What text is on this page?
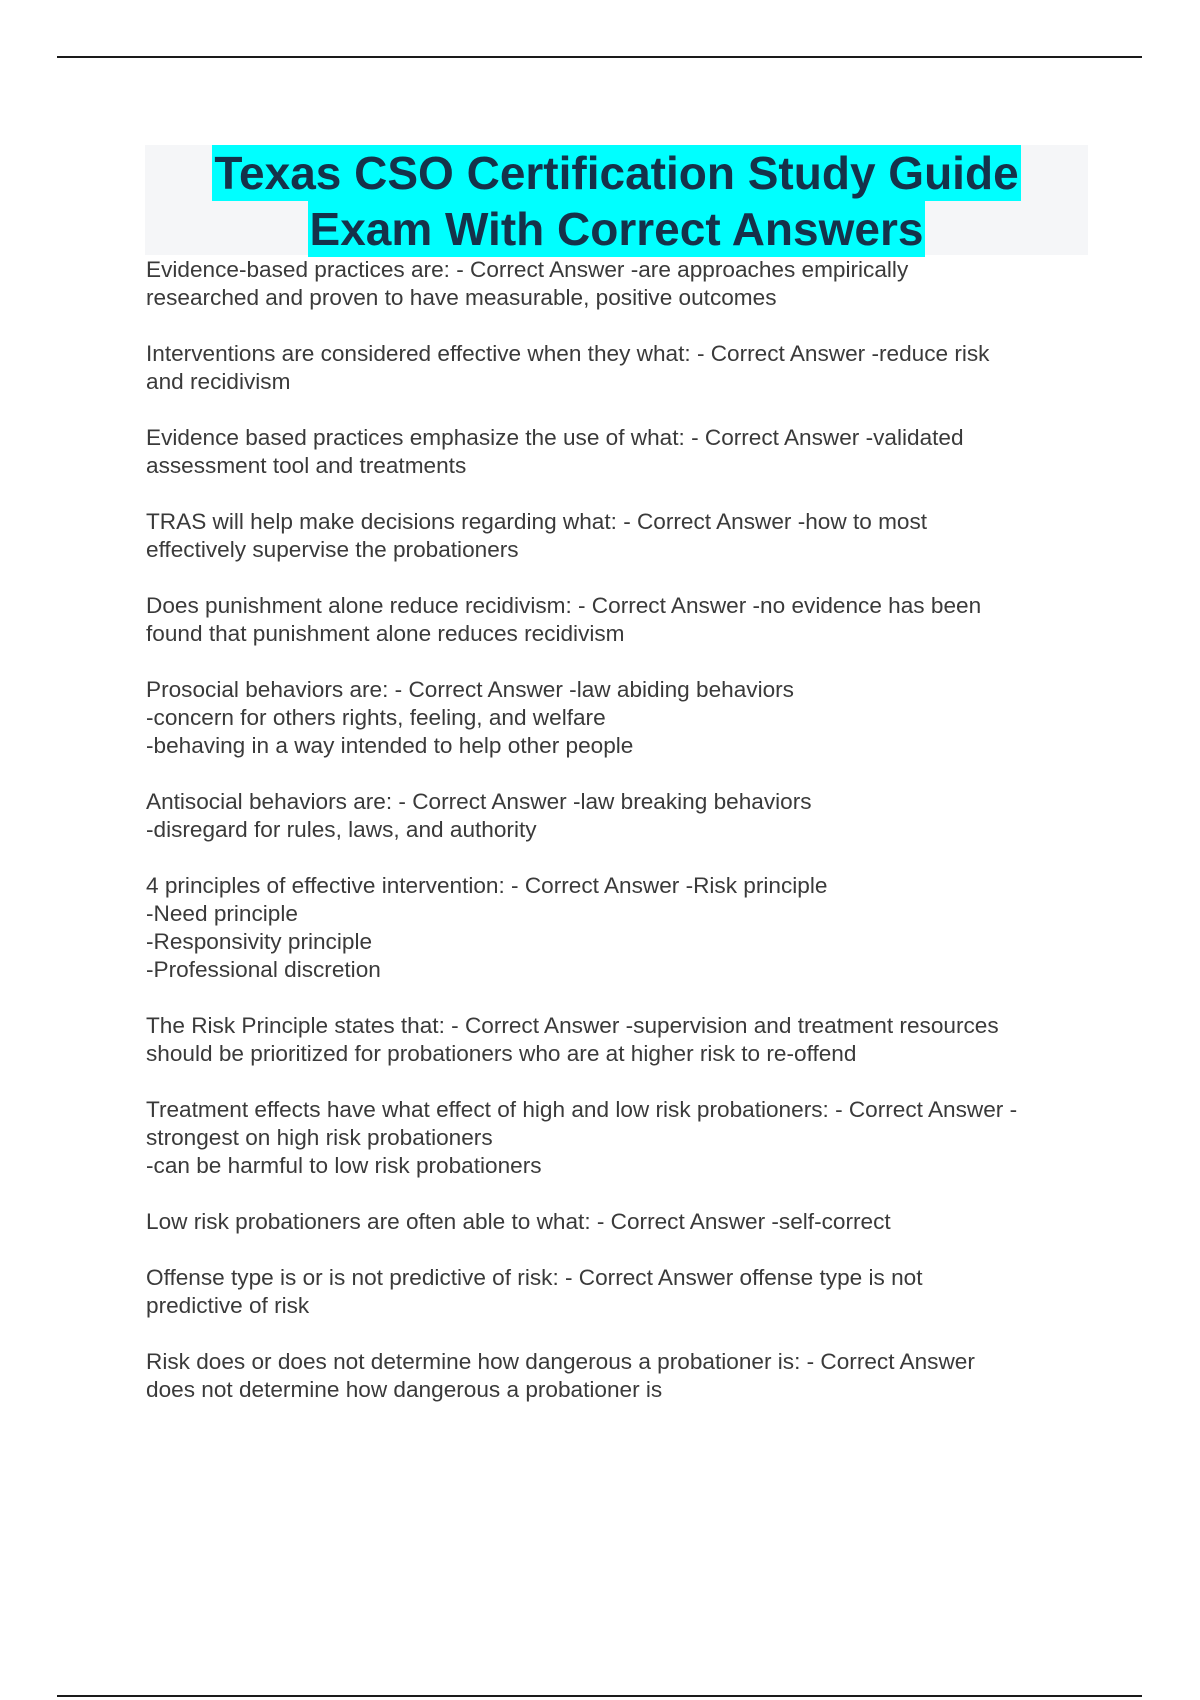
Texas CSO Certification Study Guide
Exam With Correct Answers
Evidence-based practices are: - Correct Answer -are approaches empirically
researched and proven to have measurable, positive outcomes
Interventions are considered effective when they what: - Correct Answer -reduce risk
and recidivism
Evidence based practices emphasize the use of what: - Correct Answer -validated
assessment tool and treatments
TRAS will help make decisions regarding what: - Correct Answer -how to most
effectively supervise the probationers
Does punishment alone reduce recidivism: - Correct Answer -no evidence has been
found that punishment alone reduces recidivism
Prosocial behaviors are: - Correct Answer -law abiding behaviors
-concern for others rights, feeling, and welfare
-behaving in a way intended to help other people
Antisocial behaviors are: - Correct Answer -law breaking behaviors
-disregard for rules, laws, and authority
4 principles of effective intervention: - Correct Answer -Risk principle
-Need principle
-Responsivity principle
-Professional discretion
The Risk Principle states that: - Correct Answer -supervision and treatment resources
should be prioritized for probationers who are at higher risk to re-offend
Treatment effects have what effect of high and low risk probationers: - Correct Answer -
strongest on high risk probationers
-can be harmful to low risk probationers
Low risk probationers are often able to what: - Correct Answer -self-correct
Offense type is or is not predictive of risk: - Correct Answer offense type is not
predictive of risk
Risk does or does not determine how dangerous a probationer is: - Correct Answer
does not determine how dangerous a probationer is
